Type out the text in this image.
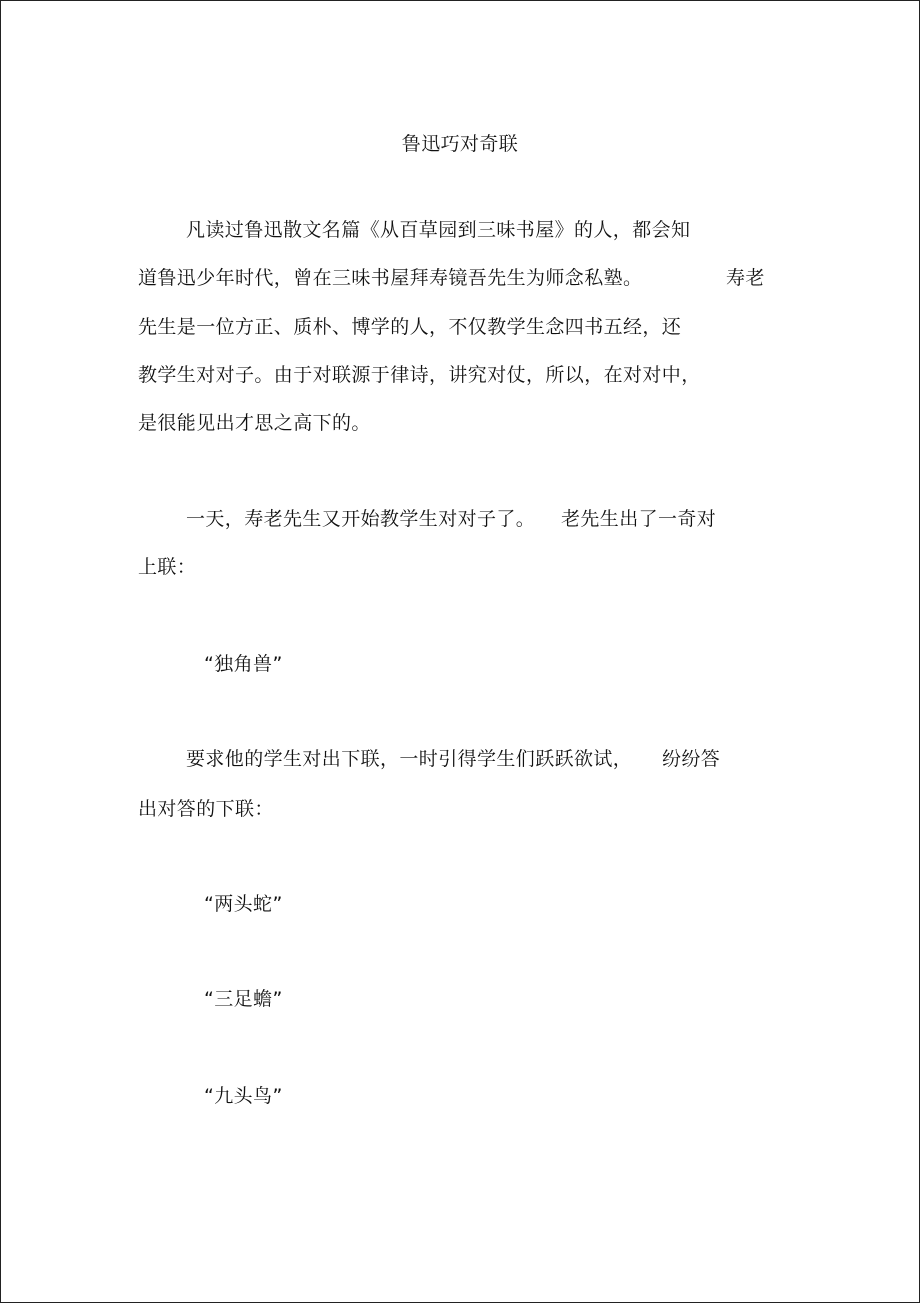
鲁迅巧对奇联
凡读过鲁迅散文名篇《从百草园到三味书屋》的人，都会知
道鲁迅少年时代，曾在三味书屋拜寿镜吾先生为师念私塾。	寿老
先生是一位方正、质朴、博学的人，不仅教学生念四书五经，还
教学生对对子。由于对联源于律诗，讲究对仗，所以，在对对中，
是很能见出才思之高下的。
一天，寿老先生又开始教学生对对子了。 老先生出了一奇对
上联：
“独角兽”
要求他的学生对出下联，一时引得学生们跃跃欲试， 纷纷答
出对答的下联：
“两头蛇”
“三足蟾”
“九头鸟”
